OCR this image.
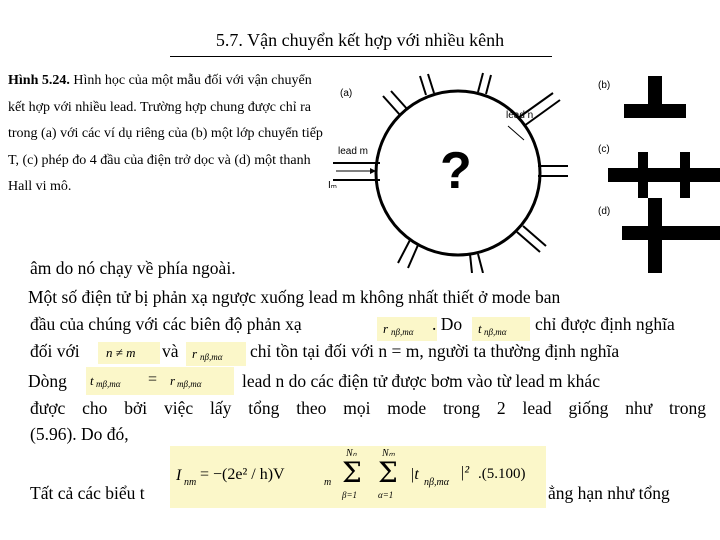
5.7. Vận chuyển kết hợp với nhiều kênh
Hình 5.24. Hình học của một mẫu đối với vận chuyển kết hợp với nhiều lead. Trường hợp chung được chỉ ra trong (a) với các ví dụ riêng của (b) một lớp chuyển tiếp T, (c) phép đo 4 đầu của điện trở dọc và (d) một thanh Hall vi mô.
(a)
lead n
lead m
Iₘ ?
(b)
(c)
(d)
âm do nó chạy về phía ngoài.
Một số điện tử bị phản xạ ngược xuống lead m không nhất thiết ở mode ban
đầu của chúng với các biên độ phản xạ	r nβ,mα . Do t nβ,mα chỉ được định nghĩa
đối với n ≠ m và r nβ,mα chỉ tồn tại đối với n = m, người ta thường định nghĩa
Dòng t mβ,mα = r mβ,mα lead n do các điện tử được bơm vào từ lead m khác
được cho bởi việc lấy tổng theo mọi mode trong 2 lead giống như trong
(5.96). Do đó,
Tất cả các biểu t
I nm = −(2e² / h)V	m
Nₙ
Σ
β=1
Nₘ
Σ
α=1
|t nβ,mα
|² .(5.100)
ẳng hạn như tổng
